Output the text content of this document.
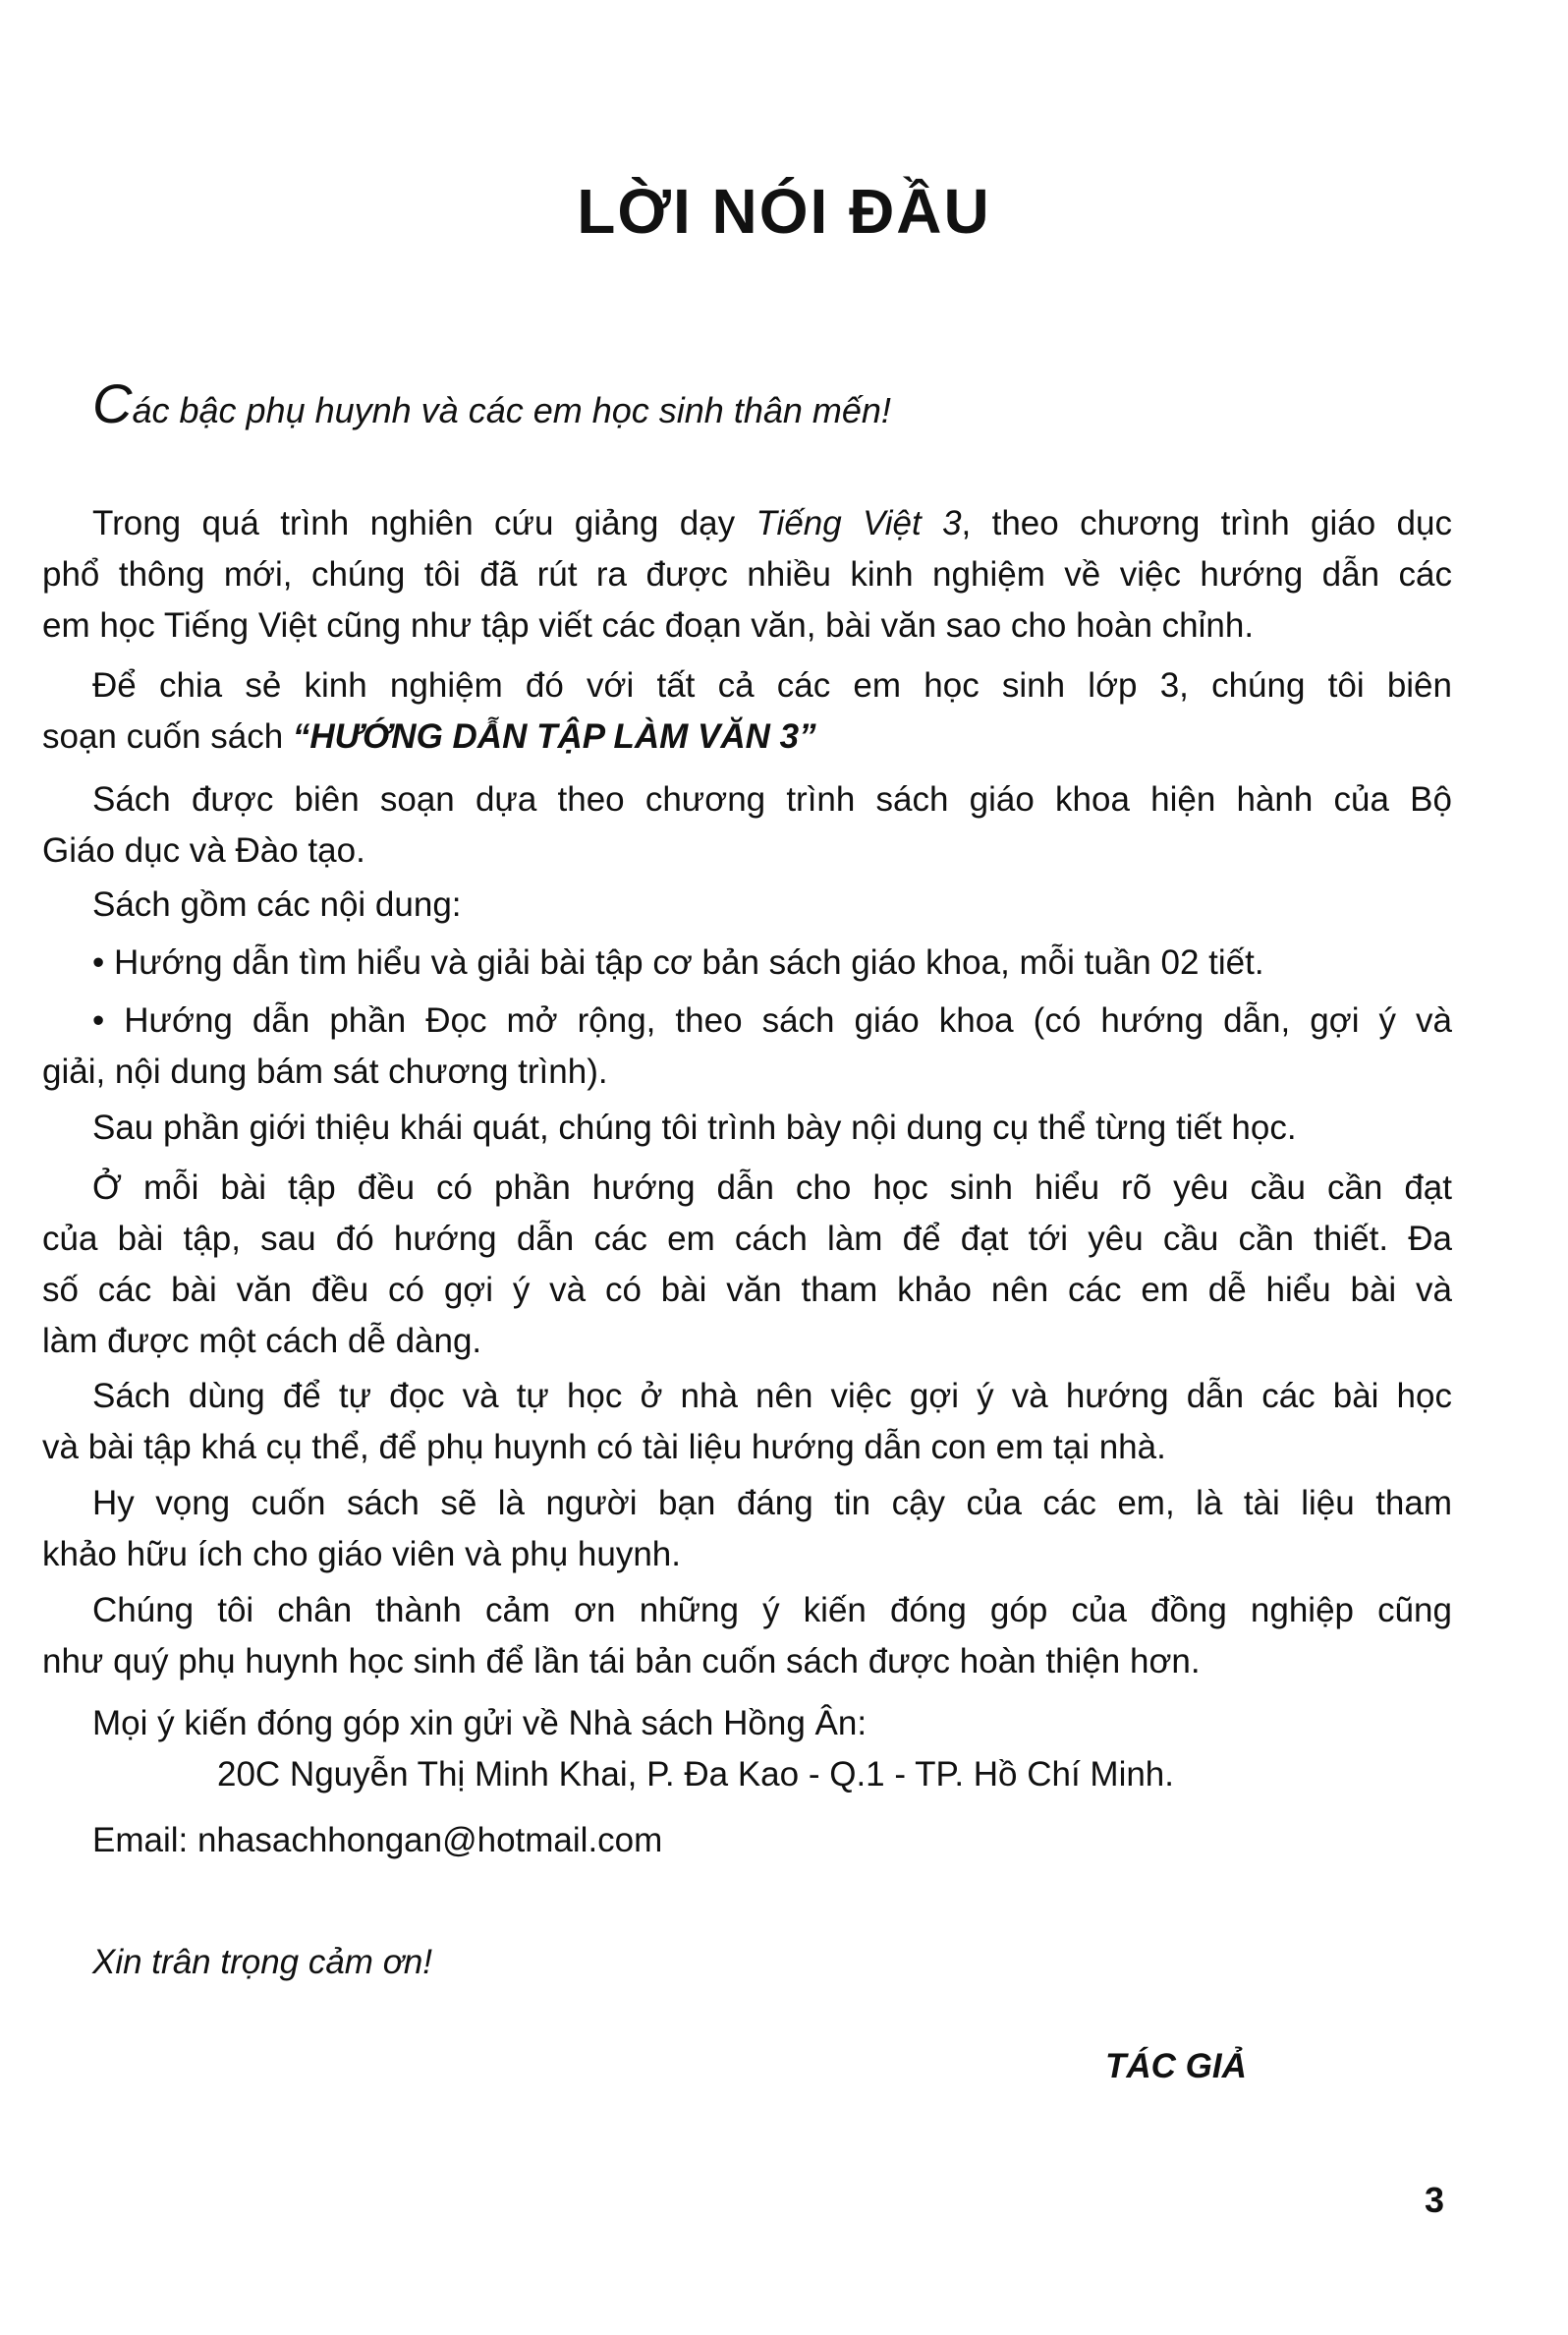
LỜI NÓI ĐẦU
Các bậc phụ huynh và các em học sinh thân mến!
Trong quá trình nghiên cứu giảng dạy Tiếng Việt 3, theo chương trình giáo dục
phổ thông mới, chúng tôi đã rút ra được nhiều kinh nghiệm về việc hướng dẫn các
em học Tiếng Việt cũng như tập viết các đoạn văn, bài văn sao cho hoàn chỉnh.
Để chia sẻ kinh nghiệm đó với tất cả các em học sinh lớp 3, chúng tôi biên
soạn cuốn sách “HƯỚNG DẪN TẬP LÀM VĂN 3”
Sách được biên soạn dựa theo chương trình sách giáo khoa hiện hành của Bộ
Giáo dục và Đào tạo.
Sách gồm các nội dung:
• Hướng dẫn tìm hiểu và giải bài tập cơ bản sách giáo khoa, mỗi tuần 02 tiết.
• Hướng dẫn phần Đọc mở rộng, theo sách giáo khoa (có hướng dẫn, gợi ý và
giải, nội dung bám sát chương trình).
Sau phần giới thiệu khái quát, chúng tôi trình bày nội dung cụ thể từng tiết học.
Ở mỗi bài tập đều có phần hướng dẫn cho học sinh hiểu rõ yêu cầu cần đạt
của bài tập, sau đó hướng dẫn các em cách làm để đạt tới yêu cầu cần thiết. Đa
số các bài văn đều có gợi ý và có bài văn tham khảo nên các em dễ hiểu bài và
làm được một cách dễ dàng.
Sách dùng để tự đọc và tự học ở nhà nên việc gợi ý và hướng dẫn các bài học
và bài tập khá cụ thể, để phụ huynh có tài liệu hướng dẫn con em tại nhà.
Hy vọng cuốn sách sẽ là người bạn đáng tin cậy của các em, là tài liệu tham
khảo hữu ích cho giáo viên và phụ huynh.
Chúng tôi chân thành cảm ơn những ý kiến đóng góp của đồng nghiệp cũng
như quý phụ huynh học sinh để lần tái bản cuốn sách được hoàn thiện hơn.
Mọi ý kiến đóng góp xin gửi về Nhà sách Hồng Ân:
20C Nguyễn Thị Minh Khai, P. Đa Kao - Q.1 - TP. Hồ Chí Minh.
Email: nhasachhongan@hotmail.com
Xin trân trọng cảm ơn!
TÁC GIẢ
3
